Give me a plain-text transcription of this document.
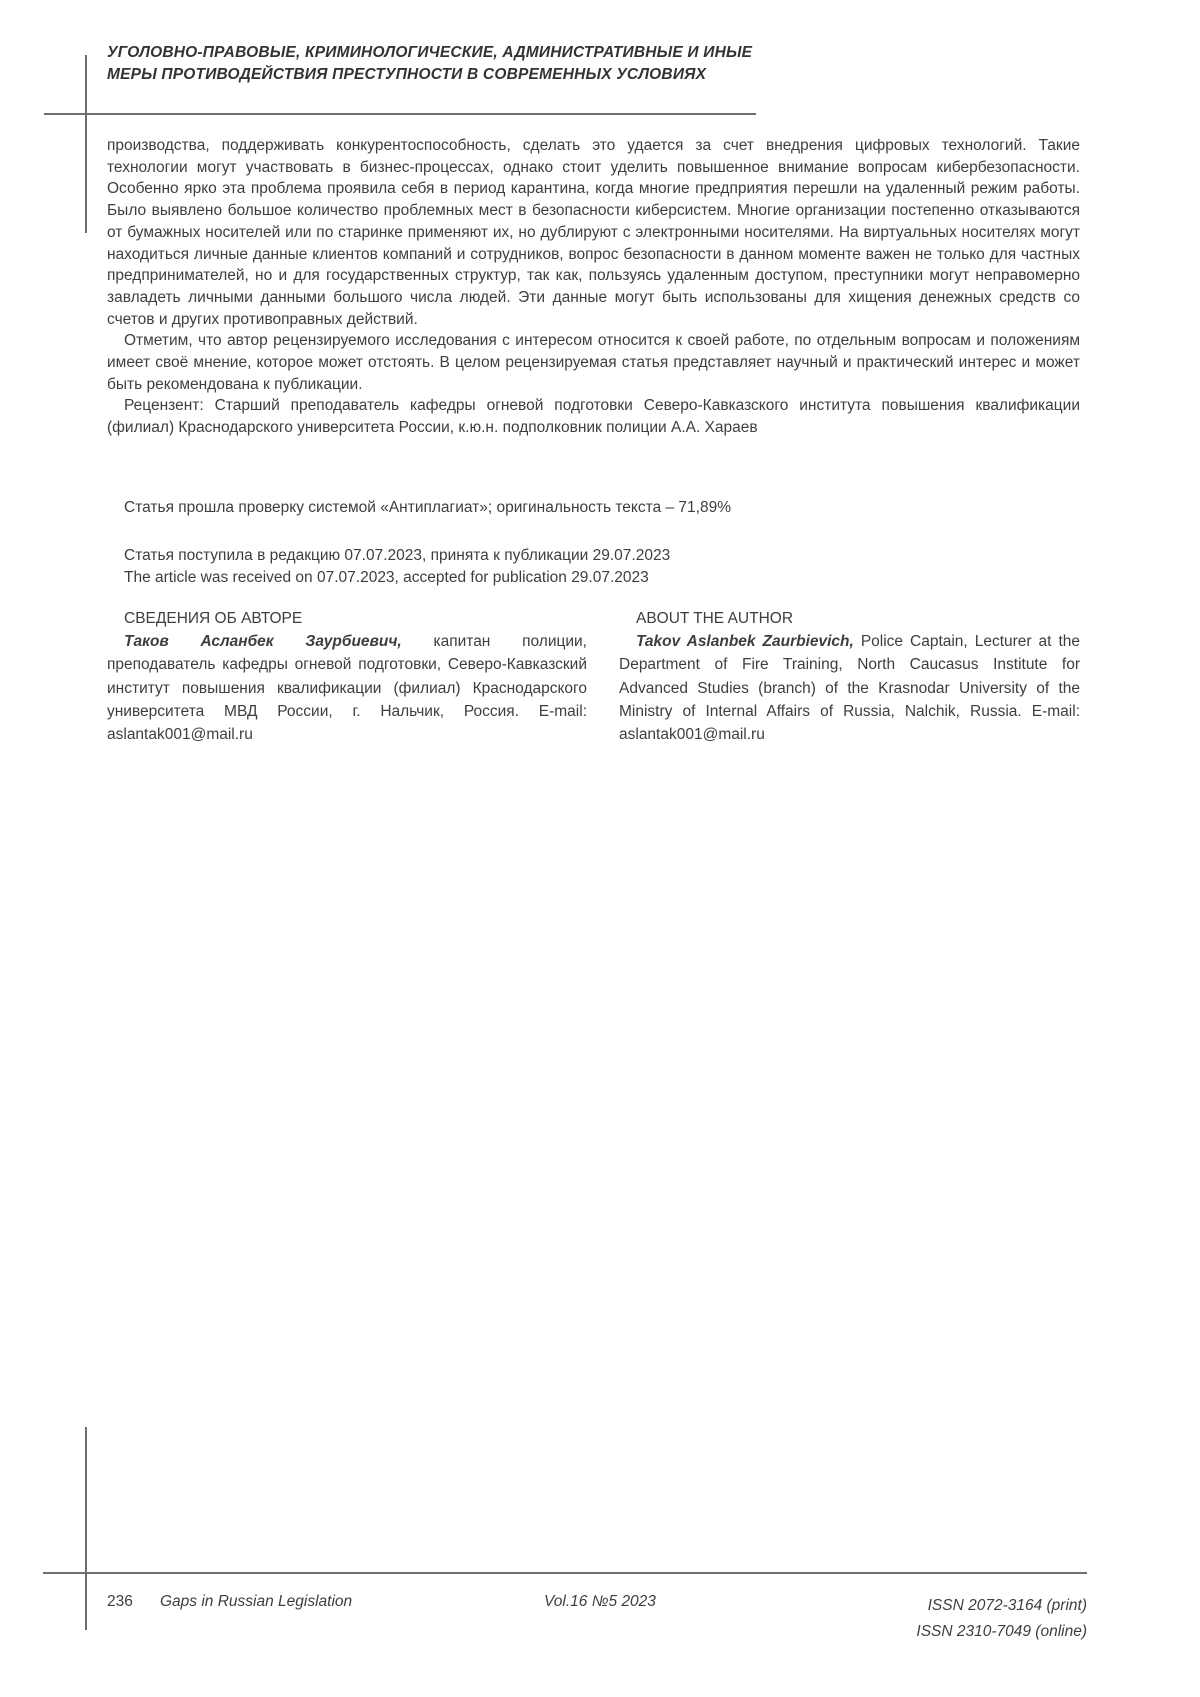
УГОЛОВНО-ПРАВОВЫЕ, КРИМИНОЛОГИЧЕСКИЕ, АДМИНИСТРАТИВНЫЕ И ИНЫЕ
МЕРЫ ПРОТИВОДЕЙСТВИЯ ПРЕСТУПНОСТИ В СОВРЕМЕННЫХ УСЛОВИЯХ

производства, поддерживать конкурентоспособность, сделать это удается за счет внедрения цифровых технологий. Такие технологии могут участвовать в бизнес-процессах, однако стоит уделить повышенное внимание вопросам кибербезопасности. Особенно ярко эта проблема проявила себя в период карантина, когда многие предприятия перешли на удаленный режим работы. Было выявлено большое количество проблемных мест в безопасности киберсистем. Многие организации постепенно отказываются от бумажных носителей или по старинке применяют их, но дублируют с электронными носителями. На виртуальных носителях могут находиться личные данные клиентов компаний и сотрудников, вопрос безопасности в данном моменте важен не только для частных предпринимателей, но и для государственных структур, так как, пользуясь удаленным доступом, преступники могут неправомерно завладеть личными данными большого числа людей. Эти данные могут быть использованы для хищения денежных средств со счетов и других противоправных действий.

Отметим, что автор рецензируемого исследования с интересом относится к своей работе, по отдельным вопросам и положениям имеет своё мнение, которое может отстоять. В целом рецензируемая статья представляет научный и практический интерес и может быть рекомендована к публикации.

Рецензент: Старший преподаватель кафедры огневой подготовки Северо-Кавказского института повышения квалификации (филиал) Краснодарского университета России, к.ю.н. подполковник полиции А.А. Хараев

Статья прошла проверку системой «Антиплагиат»; оригинальность текста – 71,89%
Статья поступила в редакцию 07.07.2023, принята к публикации 29.07.2023
The article was received on 07.07.2023, accepted for publication 29.07.2023
СВЕДЕНИЯ ОБ АВТОРЕ

Таков Асланбек Заурбиевич, капитан полиции, преподаватель кафедры огневой подготовки, Северо-Кавказский институт повышения квалификации (филиал) Краснодарского университета МВД России, г. Нальчик, Россия. E-mail: aslantak001@mail.ru

ABOUT THE AUTHOR

Takov Aslanbek Zaurbievich, Police Captain, Lecturer at the Department of Fire Training, North Caucasus Institute for Advanced Studies (branch) of the Krasnodar University of the Ministry of Internal Affairs of Russia, Nalchik, Russia. E-mail: aslantak001@mail.ru

236 Gaps in Russian Legislation	Vol.16 №5 2023	ISSN 2072-3164 (print)
ISSN 2310-7049 (online)
